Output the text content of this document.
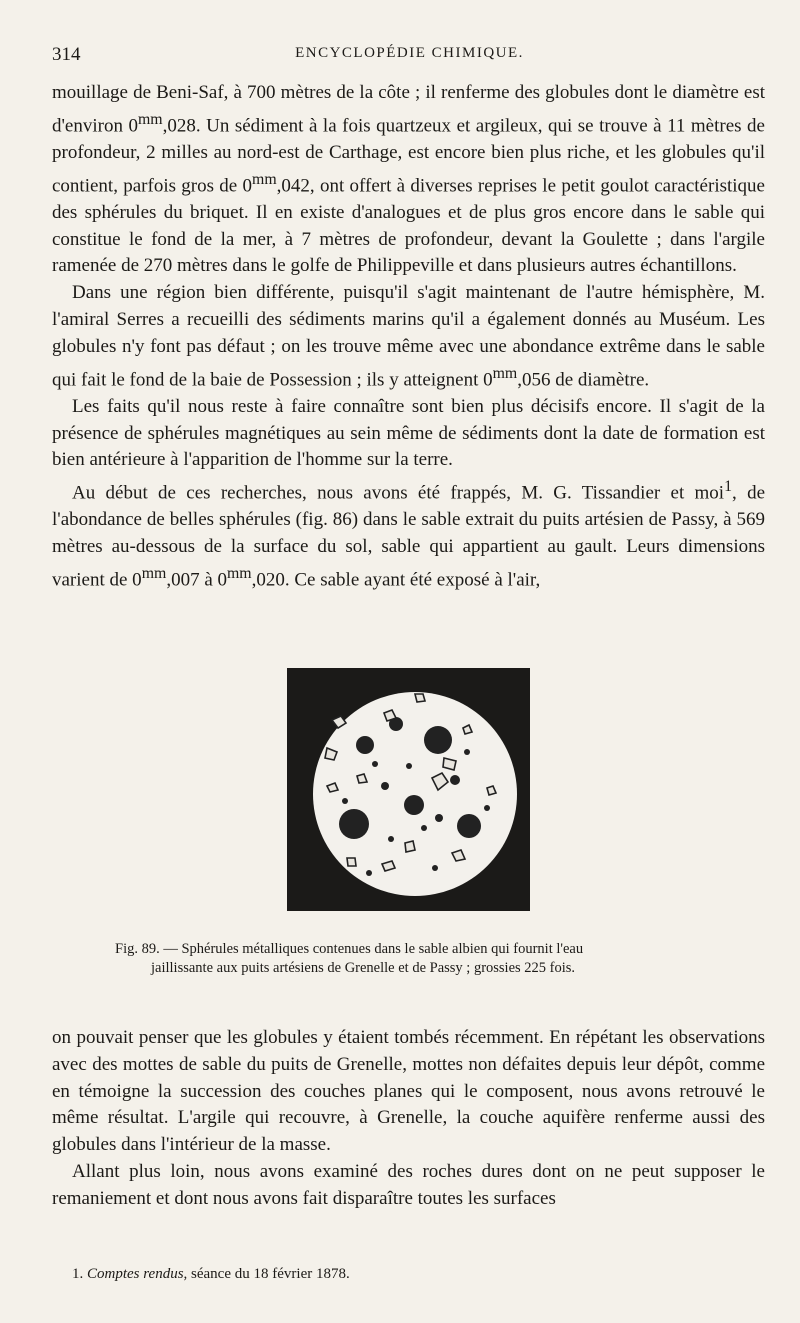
314	ENCYCLOPÉDIE CHIMIQUE.

mouillage de Beni-Saf, à 700 mètres de la côte ; il renferme des globules dont le diamètre est d'environ $0^{mm},028$. Un sédiment à la fois quartzeux et argileux, qui se trouve à 11 mètres de profondeur, 2 milles au nord-est de Carthage, est encore bien plus riche, et les globules qu'il contient, parfois gros de $0^{mm},042$, ont offert à diverses reprises le petit goulot caractéristique des sphérules du briquet. Il en existe d'analogues et de plus gros encore dans le sable qui constitue le fond de la mer, à 7 mètres de profondeur, devant la Goulette ; dans l'argile ramenée de 270 mètres dans le golfe de Philippeville et dans plusieurs autres échantillons.

Dans une région bien différente, puisqu'il s'agit maintenant de l'autre hémisphère, M. l'amiral Serres a recueilli des sédiments marins qu'il a également donnés au Muséum. Les globules n'y font pas défaut ; on les trouve même avec une abondance extrême dans le sable qui fait le fond de la baie de Possession ; ils y atteignent $0^{mm},056$ de diamètre.

Les faits qu'il nous reste à faire connaître sont bien plus décisifs encore. Il s'agit de la présence de sphérules magnétiques au sein même de sédiments dont la date de formation est bien antérieure à l'apparition de l'homme sur la terre.

Au début de ces recherches, nous avons été frappés, M. G. Tissandier et moi$^1$, de l'abondance de belles sphérules (fig. 86) dans le sable extrait du puits artésien de Passy, à 569 mètres au-dessous de la surface du sol, sable qui appartient au gault. Leurs dimensions varient de $0^{mm},007$ à $0^{mm},020$. Ce sable ayant été exposé à l'air,

Fig. 89. — Sphérules métalliques contenues dans le sable albien qui fournit l'eau

jaillissante aux puits artésiens de Grenelle et de Passy ; grossies 225 fois.

on pouvait penser que les globules y étaient tombés récemment. En répétant les observations avec des mottes de sable du puits de Grenelle, mottes non défaites depuis leur dépôt, comme en témoigne la succession des couches planes qui le composent, nous avons retrouvé le même résultat. L'argile qui recouvre, à Grenelle, la couche aquifère renferme aussi des globules dans l'intérieur de la masse.

Allant plus loin, nous avons examiné des roches dures dont on ne peut supposer le remaniement et dont nous avons fait disparaître toutes les surfaces

1. Comptes rendus, séance du 18 février 1878.
